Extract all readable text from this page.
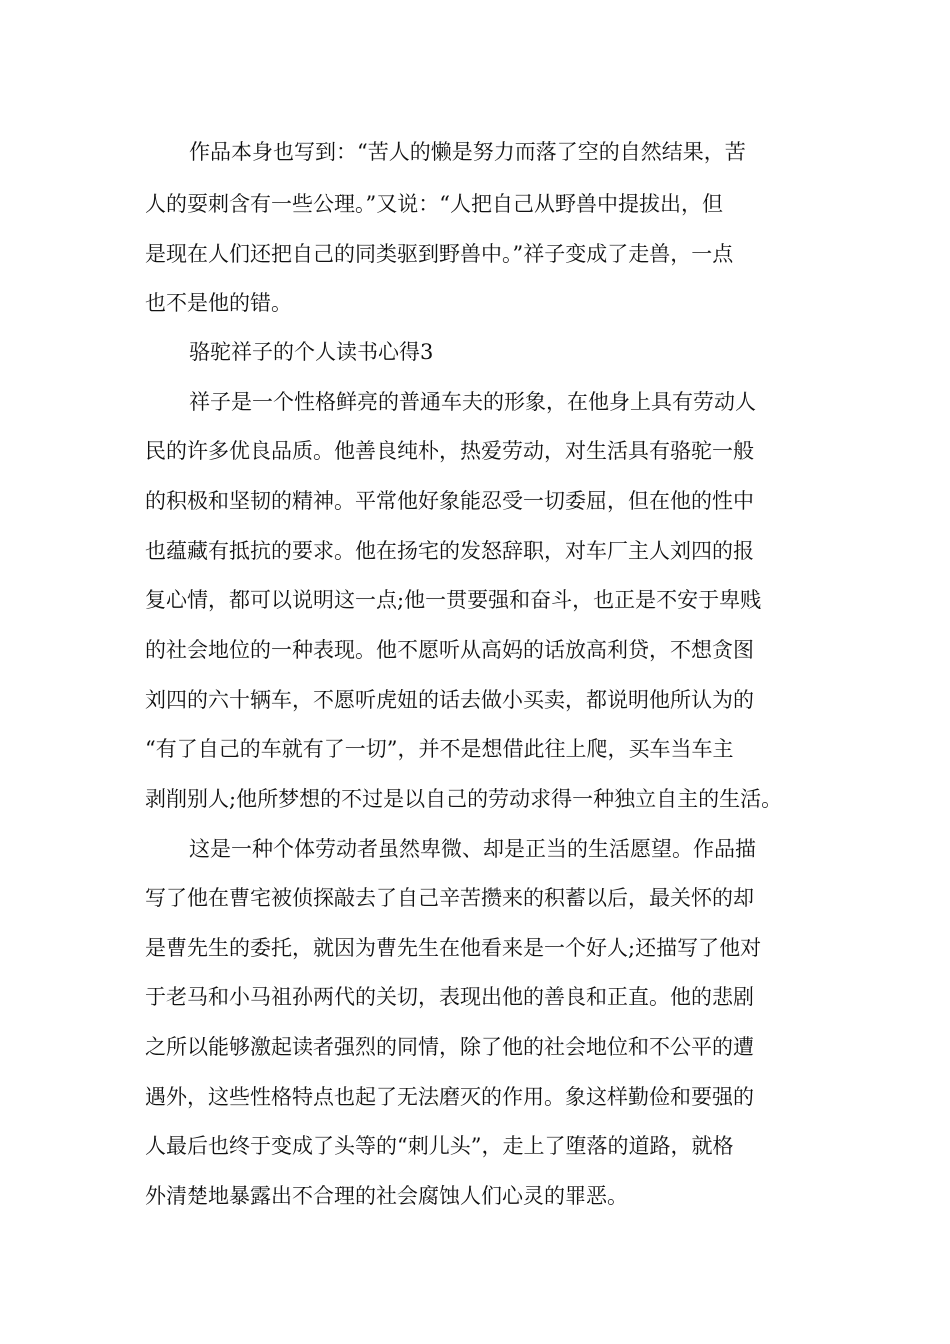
作品本身也写到：“苦人的懒是努力而落了空的自然结果，苦

人的耍刺含有一些公理。”又说：“人把自己从野兽中提拔出，但

是现在人们还把自己的同类驱到野兽中。”祥子变成了走兽，一点

也不是他的错。

骆驼祥子的个人读书心得3

祥子是一个性格鲜亮的普通车夫的形象，在他身上具有劳动人

民的许多优良品质。他善良纯朴，热爱劳动，对生活具有骆驼一般

的积极和坚韧的精神。平常他好象能忍受一切委屈，但在他的性中

也蕴藏有抵抗的要求。他在扬宅的发怒辞职，对车厂主人刘四的报

复心情，都可以说明这一点;他一贯要强和奋斗，也正是不安于卑贱

的社会地位的一种表现。他不愿听从高妈的话放高利贷，不想贪图

刘四的六十辆车，不愿听虎妞的话去做小买卖，都说明他所认为的

“有了自己的车就有了一切”，并不是想借此往上爬，买车当车主

剥削别人;他所梦想的不过是以自己的劳动求得一种独立自主的生活。

这是一种个体劳动者虽然卑微、却是正当的生活愿望。作品描

写了他在曹宅被侦探敲去了自己辛苦攒来的积蓄以后，最关怀的却

是曹先生的委托，就因为曹先生在他看来是一个好人;还描写了他对

于老马和小马祖孙两代的关切，表现出他的善良和正直。他的悲剧

之所以能够激起读者强烈的同情，除了他的社会地位和不公平的遭

遇外，这些性格特点也起了无法磨灭的作用。象这样勤俭和要强的

人最后也终于变成了头等的“刺儿头”，走上了堕落的道路，就格

外清楚地暴露出不合理的社会腐蚀人们心灵的罪恶。
